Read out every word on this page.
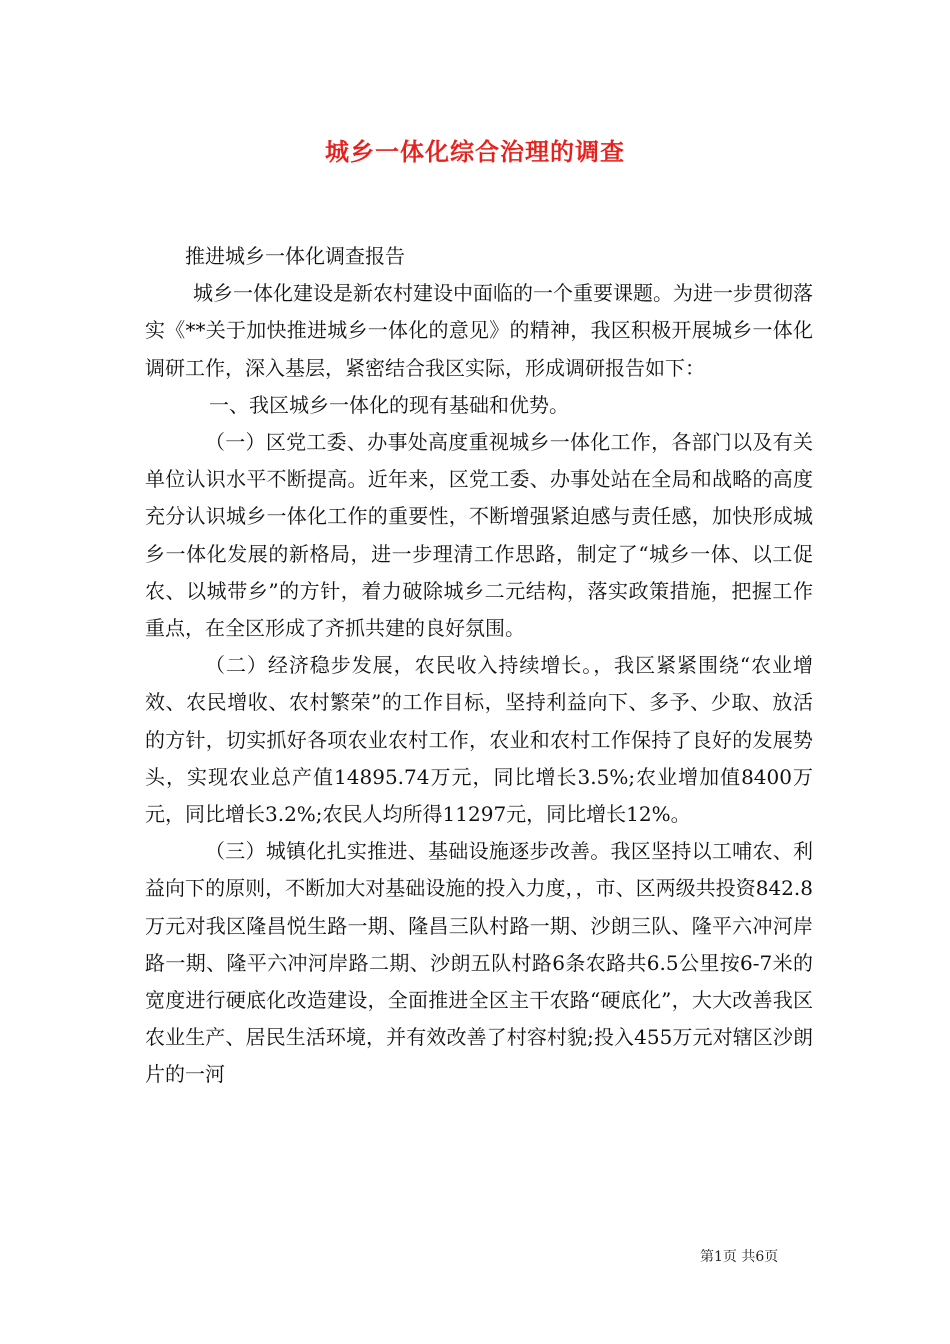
城乡一体化综合治理的调查

推进城乡一体化调查报告

城乡一体化建设是新农村建设中面临的一个重要课题。为进一步贯彻落实《**关于加快推进城乡一体化的意见》的精神，我区积极开展城乡一体化调研工作，深入基层，紧密结合我区实际，形成调研报告如下：

一、我区城乡一体化的现有基础和优势。

（一）区党工委、办事处高度重视城乡一体化工作，各部门以及有关单位认识水平不断提高。近年来，区党工委、办事处站在全局和战略的高度充分认识城乡一体化工作的重要性，不断增强紧迫感与责任感，加快形成城乡一体化发展的新格局，进一步理清工作思路，制定了“城乡一体、以工促农、以城带乡”的方针，着力破除城乡二元结构，落实政策措施，把握工作重点，在全区形成了齐抓共建的良好氛围。

（二）经济稳步发展，农民收入持续增长。，我区紧紧围绕“农业增效、农民增收、农村繁荣”的工作目标，坚持利益向下、多予、少取、放活的方针，切实抓好各项农业农村工作，农业和农村工作保持了良好的发展势头，实现农业总产值14895.74万元，同比增长3.5%;农业增加值8400万元，同比增长3.2%;农民人均所得11297元，同比增长12%。

（三）城镇化扎实推进、基础设施逐步改善。我区坚持以工哺农、利益向下的原则，不断加大对基础设施的投入力度，，市、区两级共投资842.8万元对我区隆昌悦生路一期、隆昌三队村路一期、沙朗三队、隆平六冲河岸路一期、隆平六冲河岸路二期、沙朗五队村路6条农路共6.5公里按6-7米的宽度进行硬底化改造建设，全面推进全区主干农路“硬底化”，大大改善我区农业生产、居民生活环境，并有效改善了村容村貌;投入455万元对辖区沙朗片的一河

第1页 共6页
